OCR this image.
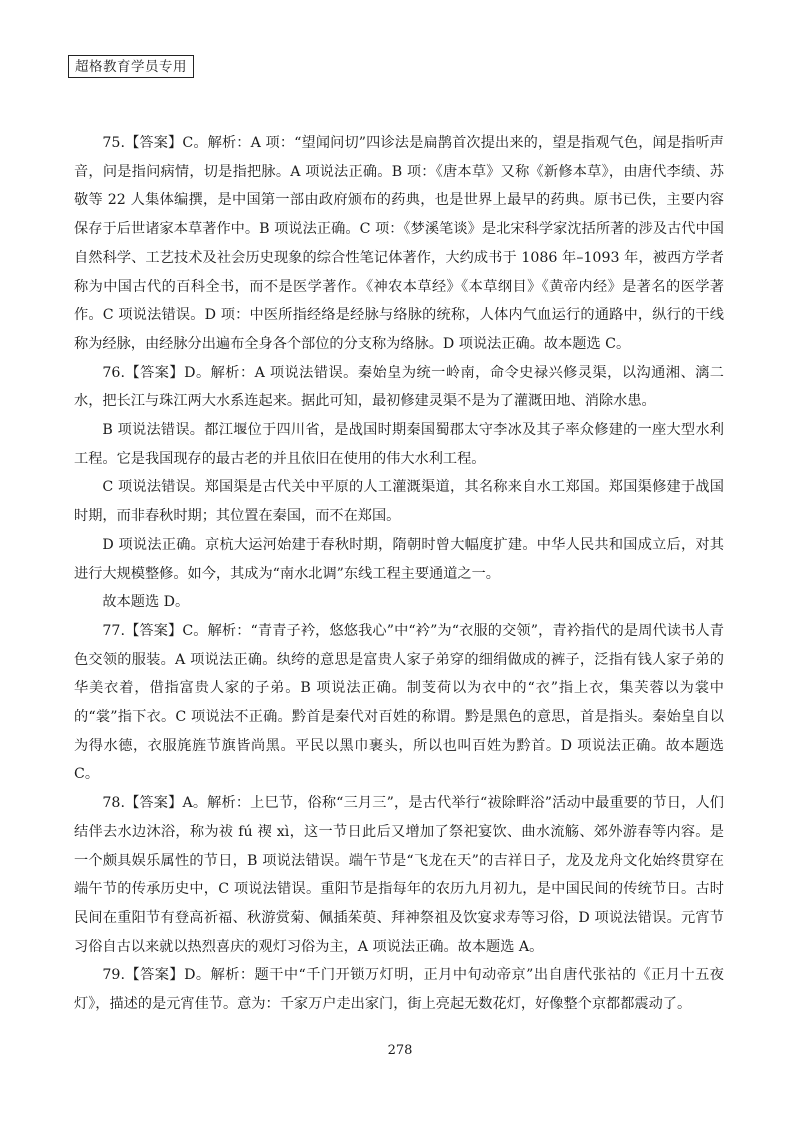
超格教育学员专用

75.【答案】C。解析：A 项：“望闻问切”四诊法是扁鹊首次提出来的，望是指观气色，闻是指听声音，问是指问病情，切是指把脉。A 项说法正确。B 项：《唐本草》又称《新修本草》，由唐代李绩、苏敬等 22 人集体编撰，是中国第一部由政府颁布的药典，也是世界上最早的药典。原书已佚，主要内容保存于后世诸家本草著作中。B 项说法正确。C 项：《梦溪笔谈》是北宋科学家沈括所著的涉及古代中国自然科学、工艺技术及社会历史现象的综合性笔记体著作，大约成书于 1086 年–1093 年，被西方学者称为中国古代的百科全书，而不是医学著作。《神农本草经》《本草纲目》《黄帝内经》是著名的医学著作。C 项说法错误。D 项：中医所指经络是经脉与络脉的统称，人体内气血运行的通路中，纵行的干线称为经脉，由经脉分出遍布全身各个部位的分支称为络脉。D 项说法正确。故本题选 C。

76.【答案】D。解析：A 项说法错误。秦始皇为统一岭南，命令史禄兴修灵渠，以沟通湘、漓二水，把长江与珠江两大水系连起来。据此可知，最初修建灵渠不是为了灌溉田地、消除水患。

B 项说法错误。都江堰位于四川省，是战国时期秦国蜀郡太守李冰及其子率众修建的一座大型水利工程。它是我国现存的最古老的并且依旧在使用的伟大水利工程。

C 项说法错误。郑国渠是古代关中平原的人工灌溉渠道，其名称来自水工郑国。郑国渠修建于战国时期，而非春秋时期；其位置在秦国，而不在郑国。

D 项说法正确。京杭大运河始建于春秋时期，隋朝时曾大幅度扩建。中华人民共和国成立后，对其进行大规模整修。如今，其成为“南水北调”东线工程主要通道之一。

故本题选 D。

77.【答案】C。解析：“青青子衿，悠悠我心”中“衿”为“衣服的交领”，青衿指代的是周代读书人青色交领的服装。A 项说法正确。纨绔的意思是富贵人家子弟穿的细绢做成的裤子，泛指有钱人家子弟的华美衣着，借指富贵人家的子弟。B 项说法正确。制芰荷以为衣中的“衣”指上衣，集芙蓉以为裳中的“裳”指下衣。C 项说法不正确。黔首是秦代对百姓的称谓。黔是黑色的意思，首是指头。秦始皇自以为得水德，衣服旄旌节旗皆尚黑。平民以黑巾裹头，所以也叫百姓为黔首。D 项说法正确。故本题选 C。

78.【答案】A。解析：上巳节，俗称“三月三”，是古代举行“祓除畔浴”活动中最重要的节日，人们结伴去水边沐浴，称为祓 fú 禊 xì，这一节日此后又增加了祭祀宴饮、曲水流觞、郊外游春等内容。是一个颇具娱乐属性的节日，B 项说法错误。端午节是“飞龙在天”的吉祥日子，龙及龙舟文化始终贯穿在端午节的传承历史中，C 项说法错误。重阳节是指每年的农历九月初九，是中国民间的传统节日。古时民间在重阳节有登高祈福、秋游赏菊、佩插茱萸、拜神祭祖及饮宴求寿等习俗，D 项说法错误。元宵节习俗自古以来就以热烈喜庆的观灯习俗为主，A 项说法正确。故本题选 A。

79.【答案】D。解析：题干中“千门开锁万灯明，正月中旬动帝京”出自唐代张祜的《正月十五夜灯》，描述的是元宵佳节。意为：千家万户走出家门，街上亮起无数花灯，好像整个京都都震动了。

278
